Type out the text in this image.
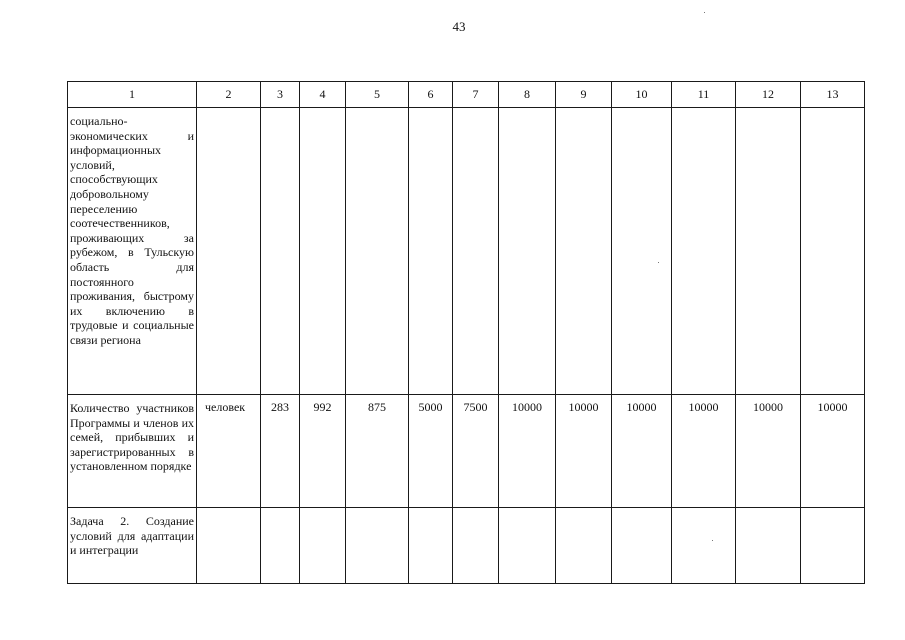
43
1	2	3	4	5	6	7	8	9	10	11	12	13

социально-экономических и информационных условий, способствующих добровольному переселению соотечественников, проживающих за рубежом, в Тульскую область для постоянного проживания, быстрому их включению в трудовые и социальные связи региона												

Количество участников Программы и членов их семей, прибывших и зарегистрированных в установленном порядке	человек	283	992	875	5000	7500	10000	10000	10000	10000	10000	10000

Задача 2. Создание условий для адаптации и интеграции												
